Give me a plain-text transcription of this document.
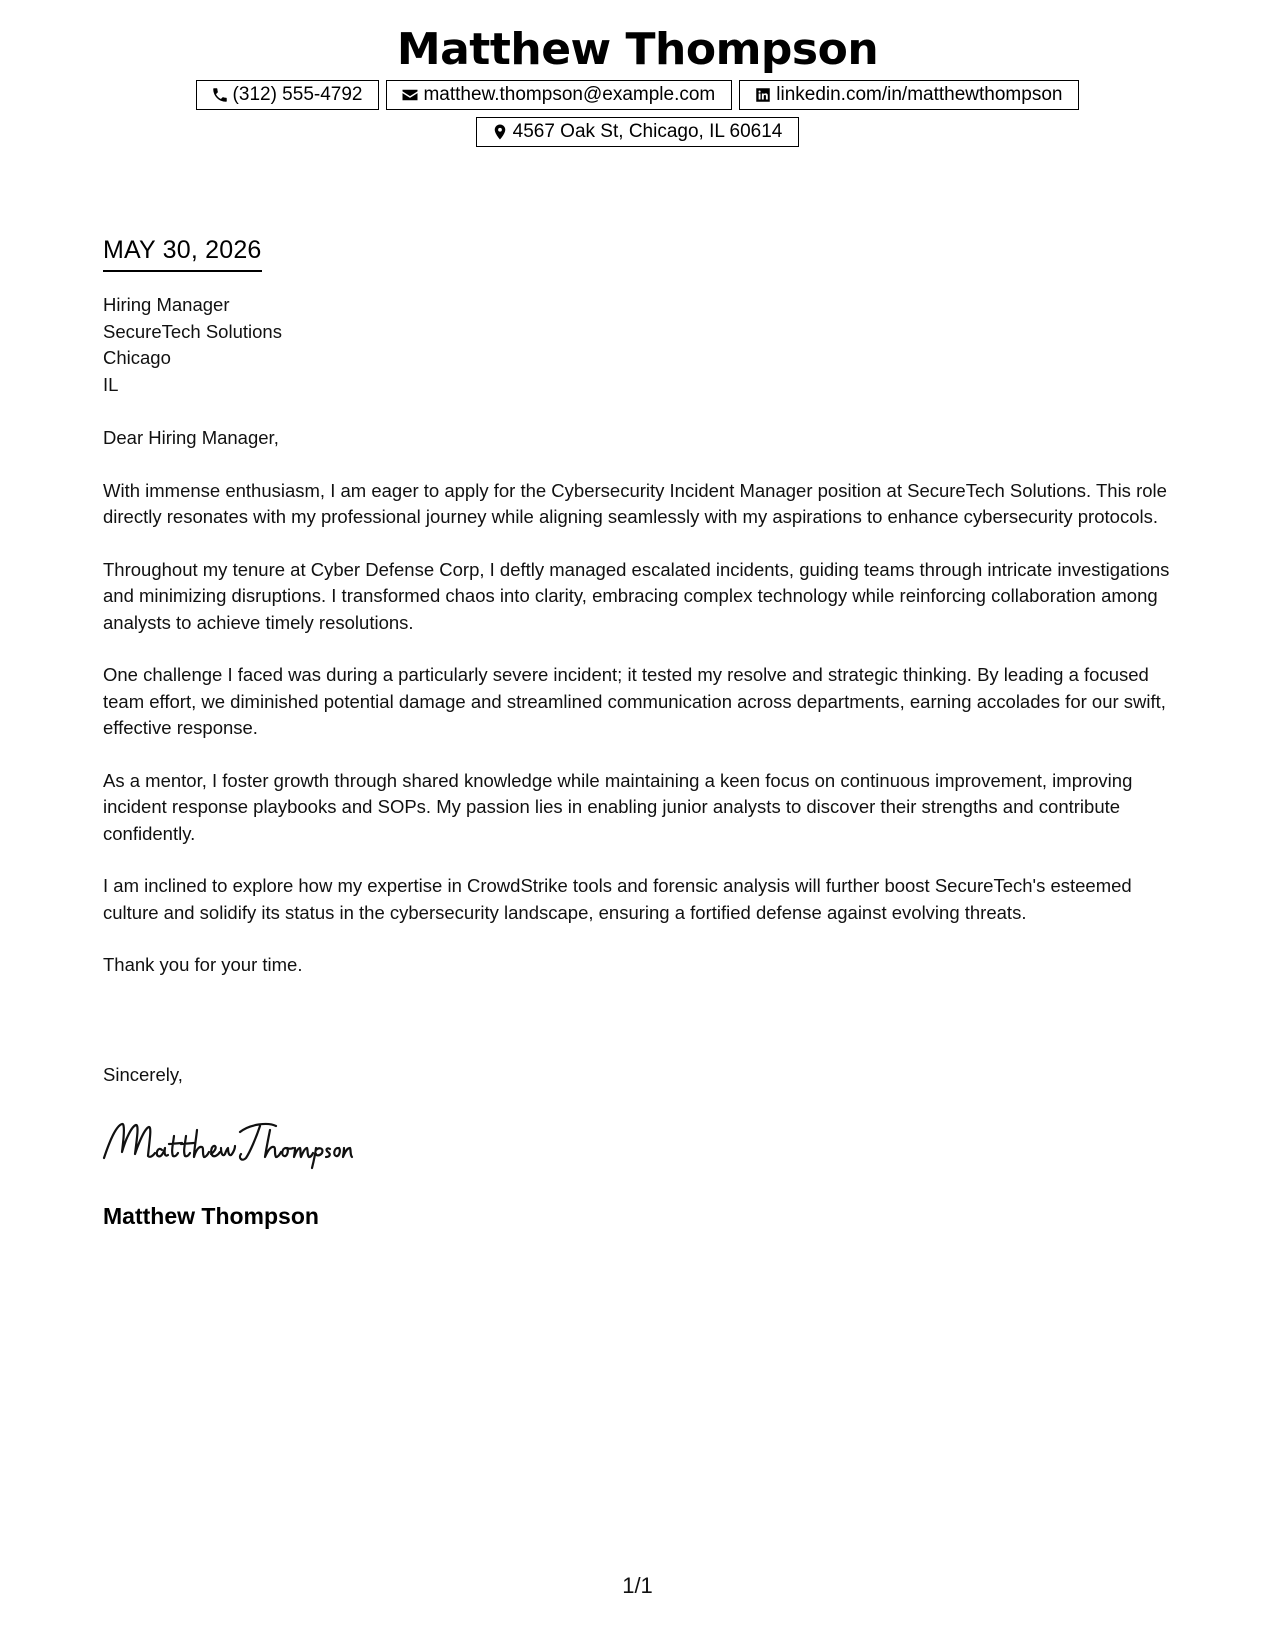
Matthew Thompson
(312) 555-4792	matthew.thompson@example.com	linkedin.com/in/matthewthompson
4567 Oak St, Chicago, IL 60614
MAY 30, 2026
Hiring Manager
SecureTech Solutions
Chicago
IL

Dear Hiring Manager,

With immense enthusiasm, I am eager to apply for the Cybersecurity Incident Manager position at SecureTech Solutions. This role directly resonates with my professional journey while aligning seamlessly with my aspirations to enhance cybersecurity protocols.

Throughout my tenure at Cyber Defense Corp, I deftly managed escalated incidents, guiding teams through intricate investigations and minimizing disruptions. I transformed chaos into clarity, embracing complex technology while reinforcing collaboration among analysts to achieve timely resolutions.

One challenge I faced was during a particularly severe incident; it tested my resolve and strategic thinking. By leading a focused team effort, we diminished potential damage and streamlined communication across departments, earning accolades for our swift, effective response.

As a mentor, I foster growth through shared knowledge while maintaining a keen focus on continuous improvement, improving incident response playbooks and SOPs. My passion lies in enabling junior analysts to discover their strengths and contribute confidently.

I am inclined to explore how my expertise in CrowdStrike tools and forensic analysis will further boost SecureTech's esteemed culture and solidify its status in the cybersecurity landscape, ensuring a fortified defense against evolving threats.

Thank you for your time.

Sincerely,
Matthew Thompson
1/1
